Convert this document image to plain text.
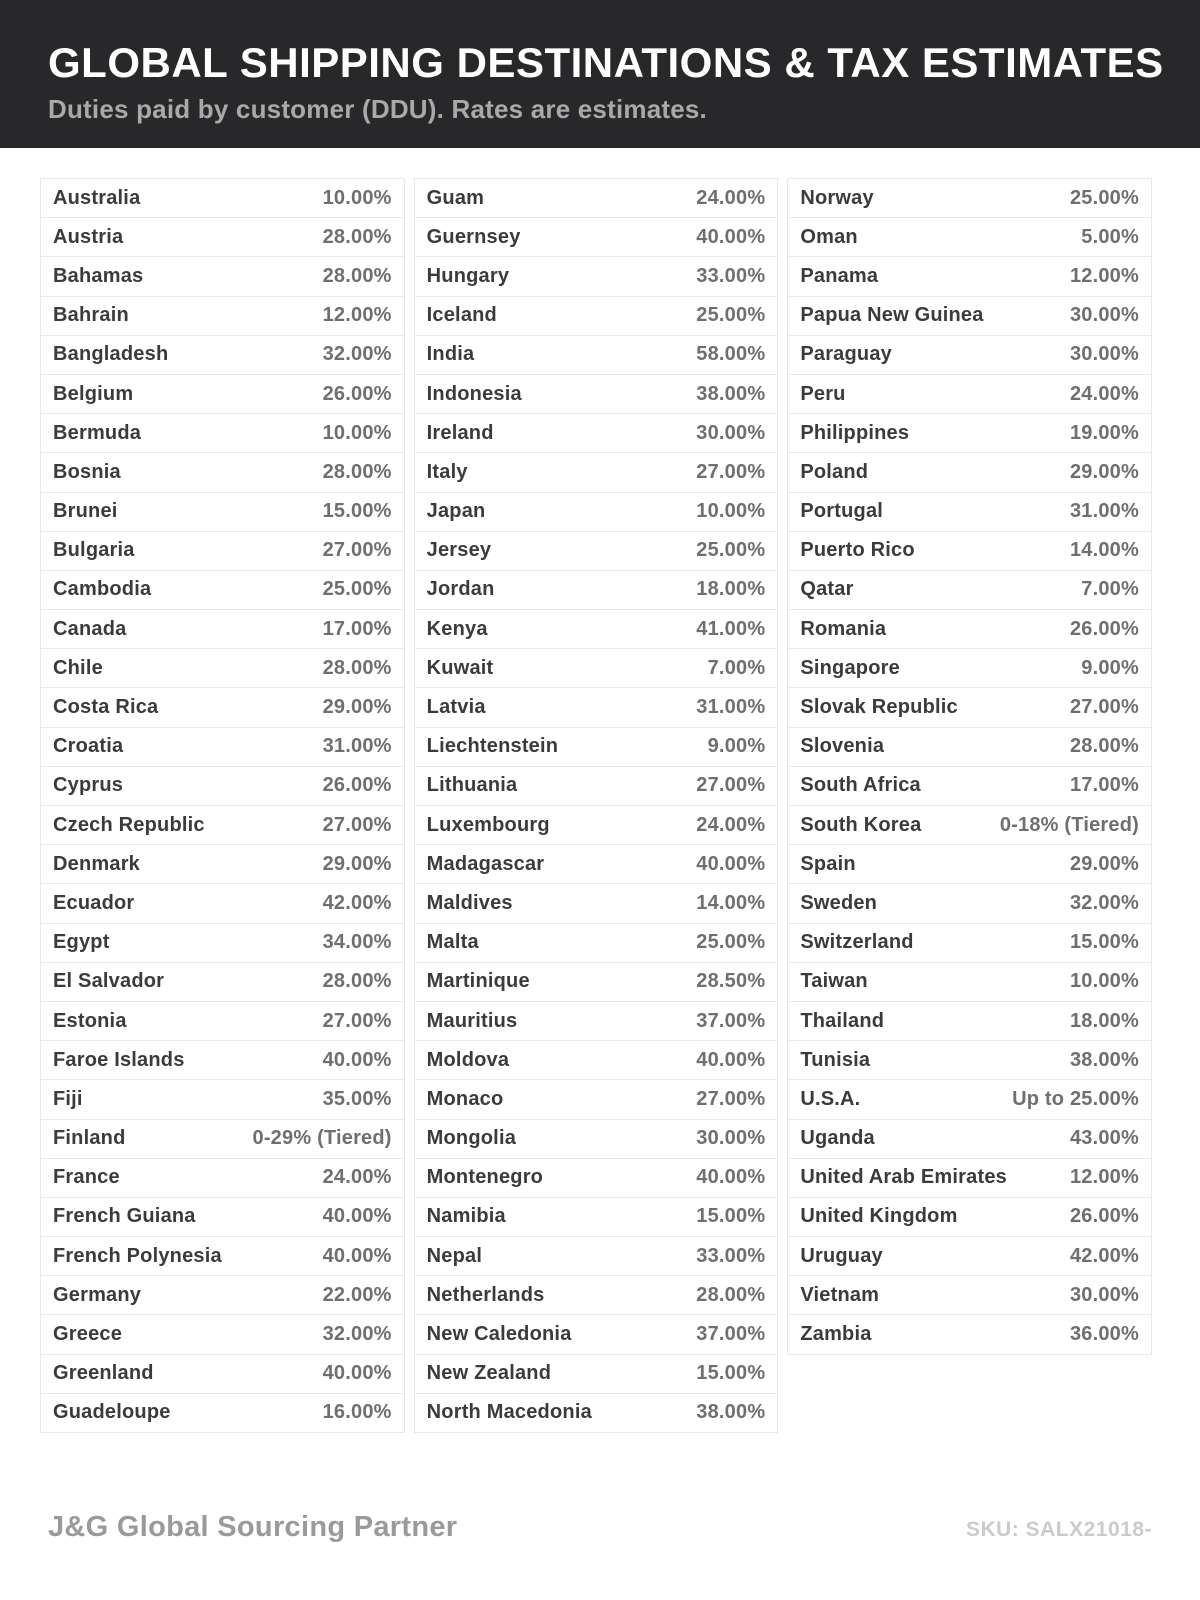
GLOBAL SHIPPING DESTINATIONS & TAX ESTIMATES
Duties paid by customer (DDU). Rates are estimates.
Australia	10.00%
Austria	28.00%
Bahamas	28.00%
Bahrain	12.00%
Bangladesh	32.00%
Belgium	26.00%
Bermuda	10.00%
Bosnia	28.00%
Brunei	15.00%
Bulgaria	27.00%
Cambodia	25.00%
Canada	17.00%
Chile	28.00%
Costa Rica	29.00%
Croatia	31.00%
Cyprus	26.00%
Czech Republic	27.00%
Denmark	29.00%
Ecuador	42.00%
Egypt	34.00%
El Salvador	28.00%
Estonia	27.00%
Faroe Islands	40.00%
Fiji	35.00%
Finland	0-29% (Tiered)
France	24.00%
French Guiana	40.00%
French Polynesia	40.00%
Germany	22.00%
Greece	32.00%
Greenland	40.00%
Guadeloupe	16.00%
Guam	24.00%
Guernsey	40.00%
Hungary	33.00%
Iceland	25.00%
India	58.00%
Indonesia	38.00%
Ireland	30.00%
Italy	27.00%
Japan	10.00%
Jersey	25.00%
Jordan	18.00%
Kenya	41.00%
Kuwait	7.00%
Latvia	31.00%
Liechtenstein	9.00%
Lithuania	27.00%
Luxembourg	24.00%
Madagascar	40.00%
Maldives	14.00%
Malta	25.00%
Martinique	28.50%
Mauritius	37.00%
Moldova	40.00%
Monaco	27.00%
Mongolia	30.00%
Montenegro	40.00%
Namibia	15.00%
Nepal	33.00%
Netherlands	28.00%
New Caledonia	37.00%
New Zealand	15.00%
North Macedonia	38.00%
Norway	25.00%
Oman	5.00%
Panama	12.00%
Papua New Guinea	30.00%
Paraguay	30.00%
Peru	24.00%
Philippines	19.00%
Poland	29.00%
Portugal	31.00%
Puerto Rico	14.00%
Qatar	7.00%
Romania	26.00%
Singapore	9.00%
Slovak Republic	27.00%
Slovenia	28.00%
South Africa	17.00%
South Korea	0-18% (Tiered)
Spain	29.00%
Sweden	32.00%
Switzerland	15.00%
Taiwan	10.00%
Thailand	18.00%
Tunisia	38.00%
U.S.A.	Up to 25.00%
Uganda	43.00%
United Arab Emirates	12.00%
United Kingdom	26.00%
Uruguay	42.00%
Vietnam	30.00%
Zambia	36.00%
J&G Global Sourcing Partner	SKU: SALX21018-
